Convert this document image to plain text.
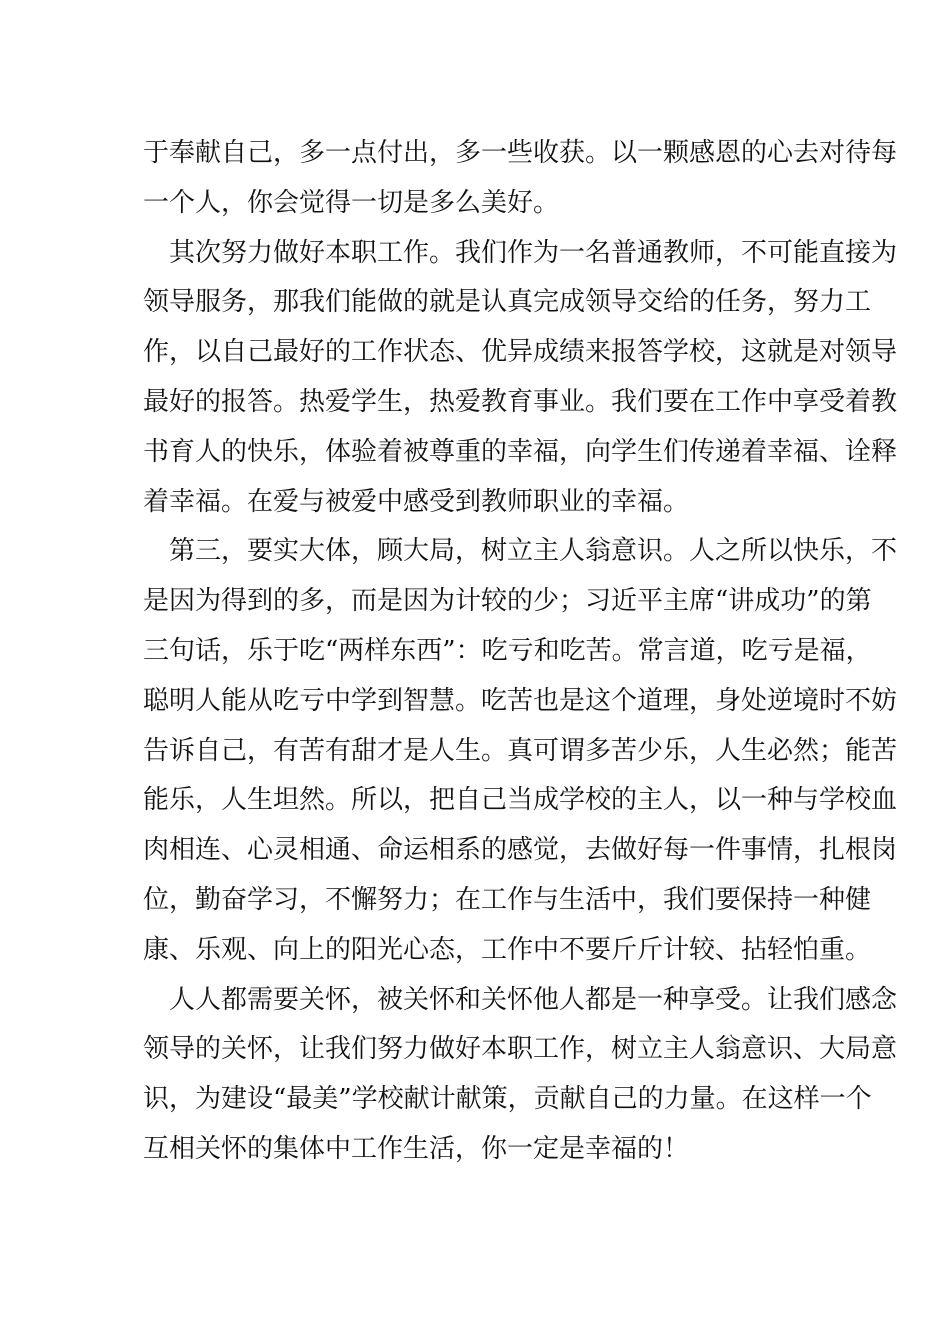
于奉献自己，多一点付出，多一些收获。以一颗感恩的心去对待每
一个人，你会觉得一切是多么美好。
　其次努力做好本职工作。我们作为一名普通教师，不可能直接为
领导服务，那我们能做的就是认真完成领导交给的任务，努力工
作，以自己最好的工作状态、优异成绩来报答学校，这就是对领导
最好的报答。热爱学生，热爱教育事业。我们要在工作中享受着教
书育人的快乐，体验着被尊重的幸福，向学生们传递着幸福、诠释
着幸福。在爱与被爱中感受到教师职业的幸福。
　第三，要实大体，顾大局，树立主人翁意识。人之所以快乐，不
是因为得到的多，而是因为计较的少；习近平主席“讲成功”的第
三句话，乐于吃“两样东西”：吃亏和吃苦。常言道，吃亏是福，
聪明人能从吃亏中学到智慧。吃苦也是这个道理，身处逆境时不妨
告诉自己，有苦有甜才是人生。真可谓多苦少乐，人生必然；能苦
能乐，人生坦然。所以，把自己当成学校的主人，以一种与学校血
肉相连、心灵相通、命运相系的感觉，去做好每一件事情，扎根岗
位，勤奋学习，不懈努力；在工作与生活中，我们要保持一种健
康、乐观、向上的阳光心态，工作中不要斤斤计较、拈轻怕重。
　人人都需要关怀，被关怀和关怀他人都是一种享受。让我们感念
领导的关怀，让我们努力做好本职工作，树立主人翁意识、大局意
识，为建设“最美”学校献计献策，贡献自己的力量。在这样一个
互相关怀的集体中工作生活，你一定是幸福的！
